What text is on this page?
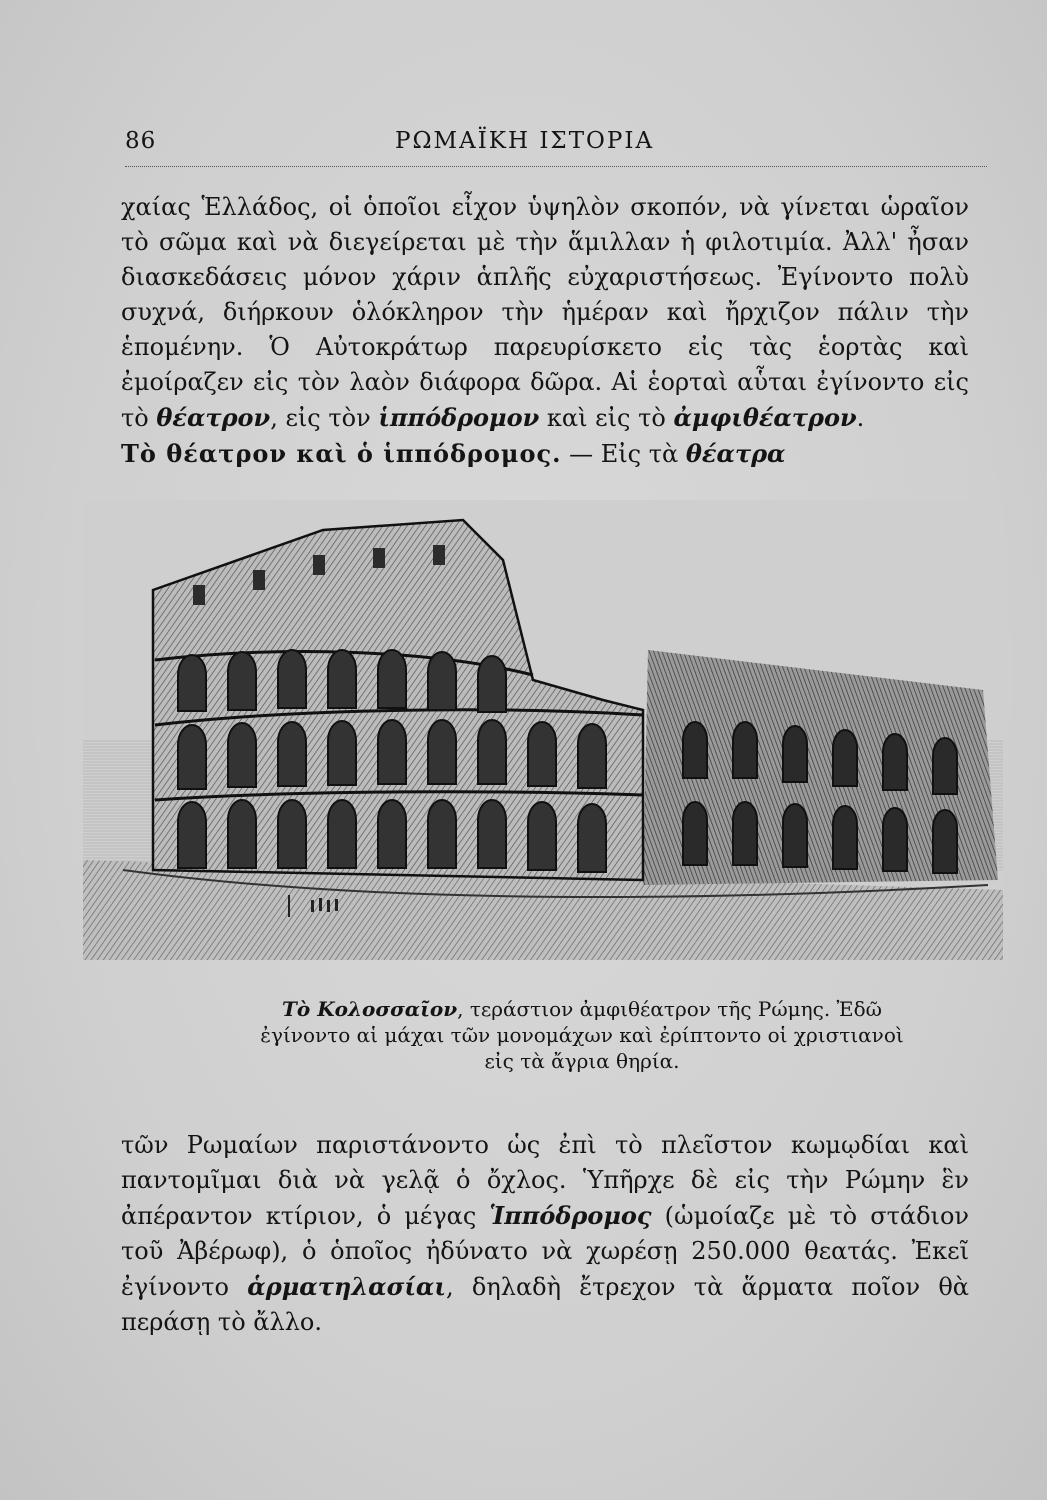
86	ΡΩΜΑΪΚΗ ΙΣΤΟΡΙΑ

χαίας Ἑλλάδος, οἱ ὁποῖοι εἶχον ὑψηλὸν σκοπόν, νὰ γίνεται ὡραῖον τὸ σῶμα καὶ νὰ διεγείρεται μὲ τὴν ἅμιλλαν ἡ φιλοτιμία. Ἀλλ' ἦσαν διασκεδάσεις μόνον χάριν ἁπλῆς εὐχαριστήσεως. Ἐγίνοντο πολὺ συχνά, διήρκουν ὁλόκληρον τὴν ἡμέραν καὶ ἤρχιζον πάλιν τὴν ἑπομένην. Ὁ Αὐτοκράτωρ παρευρίσκετο εἰς τὰς ἑορτὰς καὶ ἐμοίραζεν εἰς τὸν λαὸν διάφορα δῶρα. Αἱ ἑορταὶ αὗται ἐγίνοντο εἰς τὸ θέατρον, εἰς τὸν ἱππόδρομον καὶ εἰς τὸ ἀμφιθέατρον.

Τὸ θέατρον καὶ ὁ ἱππόδρομος. — Εἰς τὰ θέατρα

Τὸ Κολοσσαῖον, τεράστιον ἀμφιθέατρον τῆς Ρώμης. Ἐδῶ ἐγίνοντο αἱ μάχαι τῶν μονομάχων καὶ ἐρίπτοντο οἱ χριστιανοὶ εἰς τὰ ἄγρια θηρία.

τῶν Ρωμαίων παριστάνοντο ὡς ἐπὶ τὸ πλεῖστον κωμῳδίαι καὶ παντομῖμαι διὰ νὰ γελᾷ ὁ ὄχλος. Ὑπῆρχε δὲ εἰς τὴν Ρώμην ἓν ἀπέραντον κτίριον, ὁ μέγας Ἱππόδρομος (ὡμοίαζε μὲ τὸ στάδιον τοῦ Ἀβέρωφ), ὁ ὁποῖος ἠδύνατο νὰ χωρέσῃ 250.000 θεατάς. Ἐκεῖ ἐγίνοντο ἁρματηλασίαι, δηλαδὴ ἔτρεχον τὰ ἅρματα ποῖον θὰ περάσῃ τὸ ἄλλο.
